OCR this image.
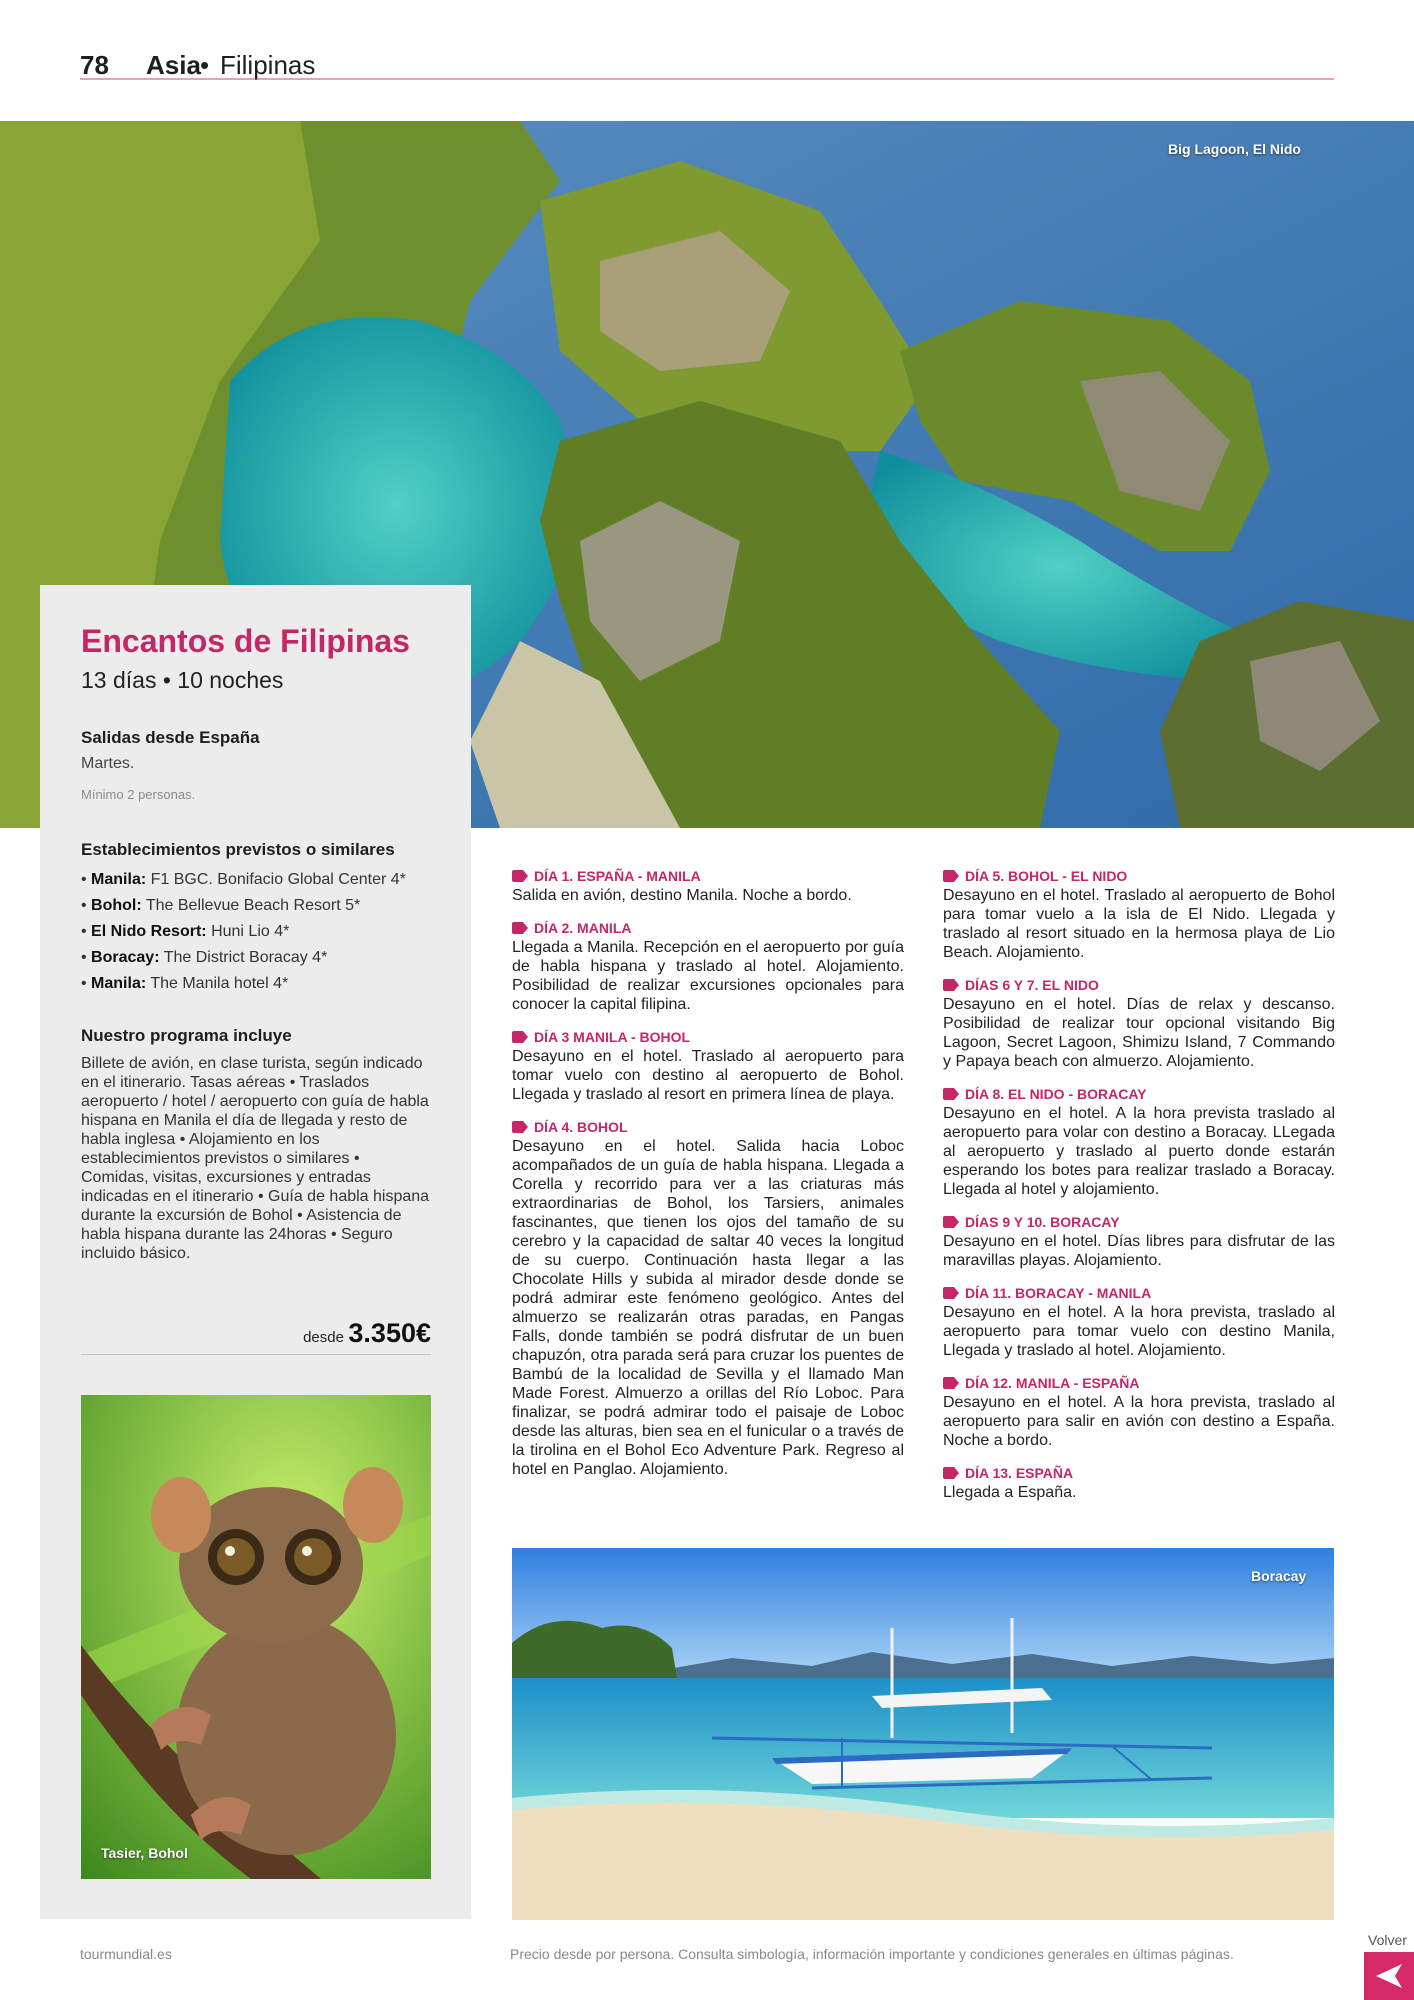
78 Asia • Filipinas
Big Lagoon, El Nido
Encantos de Filipinas
13 días • 10 noches
Salidas desde España
Martes.
Mínimo 2 personas.
Establecimientos previstos o similares
• Manila: F1 BGC. Bonifacio Global Center 4*
• Bohol: The Bellevue Beach Resort 5*
• El Nido Resort: Huni Lio 4*
• Boracay: The District Boracay 4*
• Manila: The Manila hotel 4*
Nuestro programa incluye
Billete de avión, en clase turista, según indicado en el itinerario. Tasas aéreas • Traslados aeropuerto / hotel / aeropuerto con guía de habla hispana en Manila el día de llegada y resto de habla inglesa • Alojamiento en los establecimientos previstos o similares • Comidas, visitas, excursiones y entradas indicadas en el itinerario • Guía de habla hispana durante la excursión de Bohol • Asistencia de habla hispana durante las 24horas • Seguro incluido básico.
desde 3.350€
Tasier, Bohol
DÍA 1. ESPAÑA - MANILA
Salida en avión, destino Manila. Noche a bordo.
DÍA 2. MANILA
Llegada a Manila. Recepción en el aeropuerto por guía de habla hispana y traslado al hotel. Alojamiento. Posibilidad de realizar excursiones opcionales para conocer la capital filipina.
DÍA 3 MANILA - BOHOL
Desayuno en el hotel. Traslado al aeropuerto para tomar vuelo con destino al aeropuerto de Bohol. Llegada y traslado al resort en primera línea de playa.
DÍA 4. BOHOL
Desayuno en el hotel. Salida hacia Loboc acompañados de un guía de habla hispana. Llegada a Corella y recorrido para ver a las criaturas más extraordinarias de Bohol, los Tarsiers, animales fascinantes, que tienen los ojos del tamaño de su cerebro y la capacidad de saltar 40 veces la longitud de su cuerpo. Continuación hasta llegar a las Chocolate Hills y subida al mirador desde donde se podrá admirar este fenómeno geológico. Antes del almuerzo se realizarán otras paradas, en Pangas Falls, donde también se podrá disfrutar de un buen chapuzón, otra parada será para cruzar los puentes de Bambú de la localidad de Sevilla y el llamado Man Made Forest. Almuerzo a orillas del Río Loboc. Para finalizar, se podrá admirar todo el paisaje de Loboc desde las alturas, bien sea en el funicular o a través de la tirolina en el Bohol Eco Adventure Park. Regreso al hotel en Panglao. Alojamiento.
DÍA 5. BOHOL - EL NIDO
Desayuno en el hotel. Traslado al aeropuerto de Bohol para tomar vuelo a la isla de El Nido. Llegada y traslado al resort situado en la hermosa playa de Lio Beach. Alojamiento.
DÍAS 6 Y 7. EL NIDO
Desayuno en el hotel. Días de relax y descanso. Posibilidad de realizar tour opcional visitando Big Lagoon, Secret Lagoon, Shimizu Island, 7 Commando y Papaya beach con almuerzo. Alojamiento.
DÍA 8. EL NIDO - BORACAY
Desayuno en el hotel. A la hora prevista traslado al aeropuerto para volar con destino a Boracay. LLegada al aeropuerto y traslado al puerto donde estarán esperando los botes para realizar traslado a Boracay. Llegada al hotel y alojamiento.
DÍAS 9 Y 10. BORACAY
Desayuno en el hotel. Días libres para disfrutar de las maravillas playas. Alojamiento.
DÍA 11. BORACAY - MANILA
Desayuno en el hotel. A la hora prevista, traslado al aeropuerto para tomar vuelo con destino Manila, Llegada y traslado al hotel. Alojamiento.
DÍA 12. MANILA - ESPAÑA
Desayuno en el hotel. A la hora prevista, traslado al aeropuerto para salir en avión con destino a España. Noche a bordo.
DÍA 13. ESPAÑA
Llegada a España.
Boracay
tourmundial.es	Precio desde por persona. Consulta simbología, información importante y condiciones generales en últimas páginas.
Volver
